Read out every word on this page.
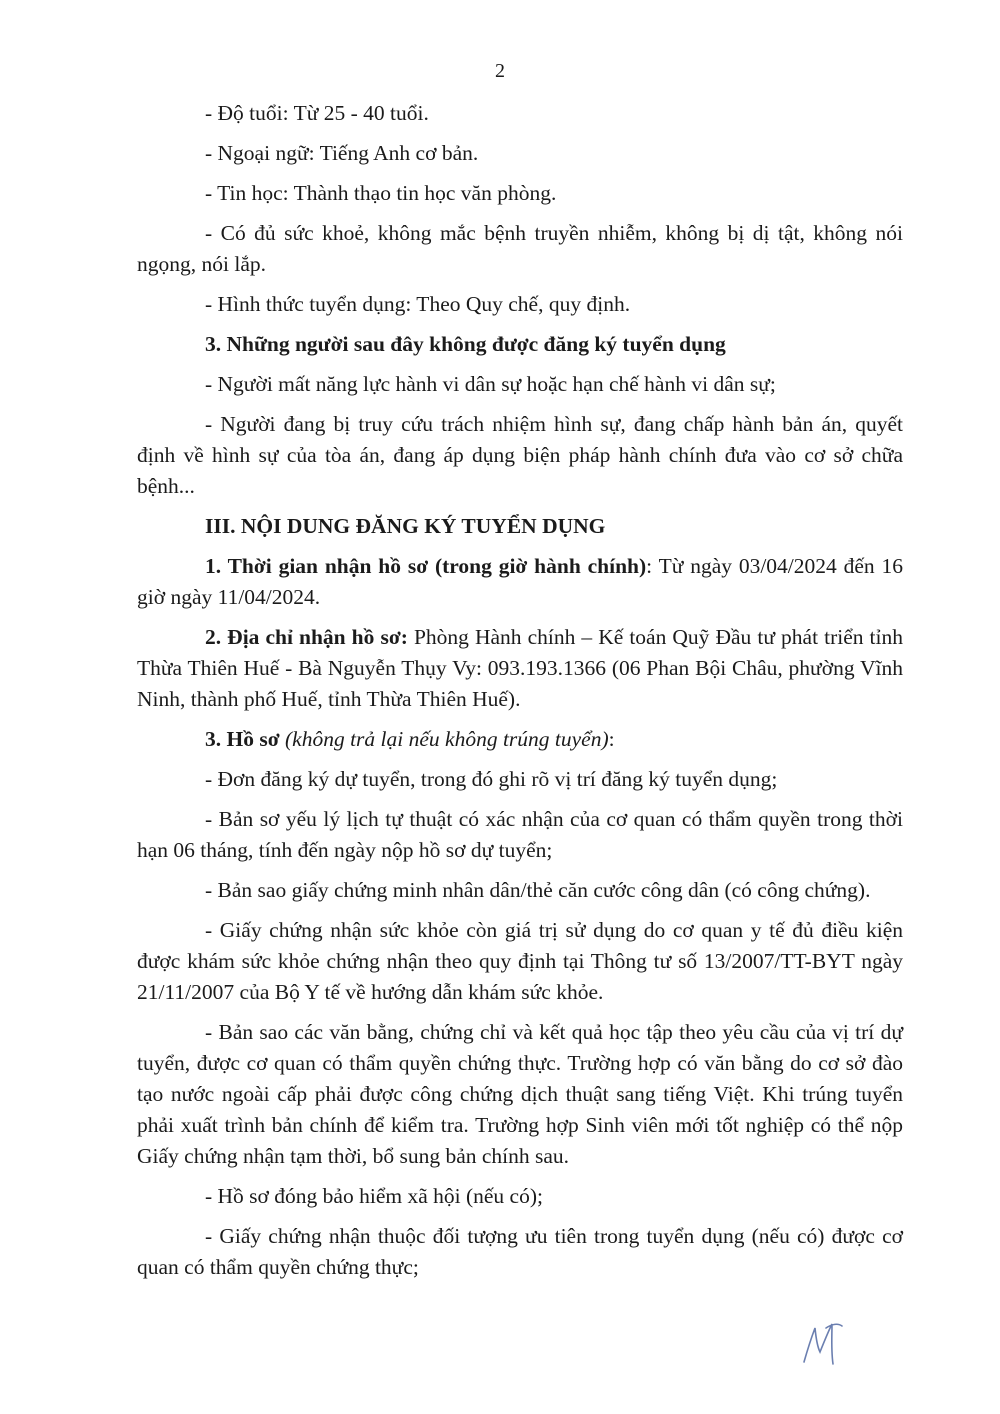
2

- Độ tuổi: Từ 25 - 40 tuổi.

- Ngoại ngữ: Tiếng Anh cơ bản.

- Tin học: Thành thạo tin học văn phòng.

- Có đủ sức khoẻ, không mắc bệnh truyền nhiễm, không bị dị tật, không nói ngọng, nói lắp.

- Hình thức tuyển dụng: Theo Quy chế, quy định.

3. Những người sau đây không được đăng ký tuyển dụng

- Người mất năng lực hành vi dân sự hoặc hạn chế hành vi dân sự;

- Người đang bị truy cứu trách nhiệm hình sự, đang chấp hành bản án, quyết định về hình sự của tòa án, đang áp dụng biện pháp hành chính đưa vào cơ sở chữa bệnh...

III. NỘI DUNG ĐĂNG KÝ TUYỂN DỤNG

1. Thời gian nhận hồ sơ (trong giờ hành chính): Từ ngày 03/04/2024 đến 16 giờ ngày 11/04/2024.

2. Địa chỉ nhận hồ sơ: Phòng Hành chính – Kế toán Quỹ Đầu tư phát triển tỉnh Thừa Thiên Huế - Bà Nguyễn Thụy Vy: 093.193.1366 (06 Phan Bội Châu, phường Vĩnh Ninh, thành phố Huế, tỉnh Thừa Thiên Huế).

3. Hồ sơ (không trả lại nếu không trúng tuyển):

- Đơn đăng ký dự tuyển, trong đó ghi rõ vị trí đăng ký tuyển dụng;

- Bản sơ yếu lý lịch tự thuật có xác nhận của cơ quan có thẩm quyền trong thời hạn 06 tháng, tính đến ngày nộp hồ sơ dự tuyển;

- Bản sao giấy chứng minh nhân dân/thẻ căn cước công dân (có công chứng).

- Giấy chứng nhận sức khỏe còn giá trị sử dụng do cơ quan y tế đủ điều kiện được khám sức khỏe chứng nhận theo quy định tại Thông tư số 13/2007/TT-BYT ngày 21/11/2007 của Bộ Y tế về hướng dẫn khám sức khỏe.

- Bản sao các văn bằng, chứng chỉ và kết quả học tập theo yêu cầu của vị trí dự tuyển, được cơ quan có thẩm quyền chứng thực. Trường hợp có văn bằng do cơ sở đào tạo nước ngoài cấp phải được công chứng dịch thuật sang tiếng Việt. Khi trúng tuyển phải xuất trình bản chính để kiểm tra. Trường hợp Sinh viên mới tốt nghiệp có thể nộp Giấy chứng nhận tạm thời, bổ sung bản chính sau.

- Hồ sơ đóng bảo hiểm xã hội (nếu có);

- Giấy chứng nhận thuộc đối tượng ưu tiên trong tuyển dụng (nếu có) được cơ quan có thẩm quyền chứng thực;
